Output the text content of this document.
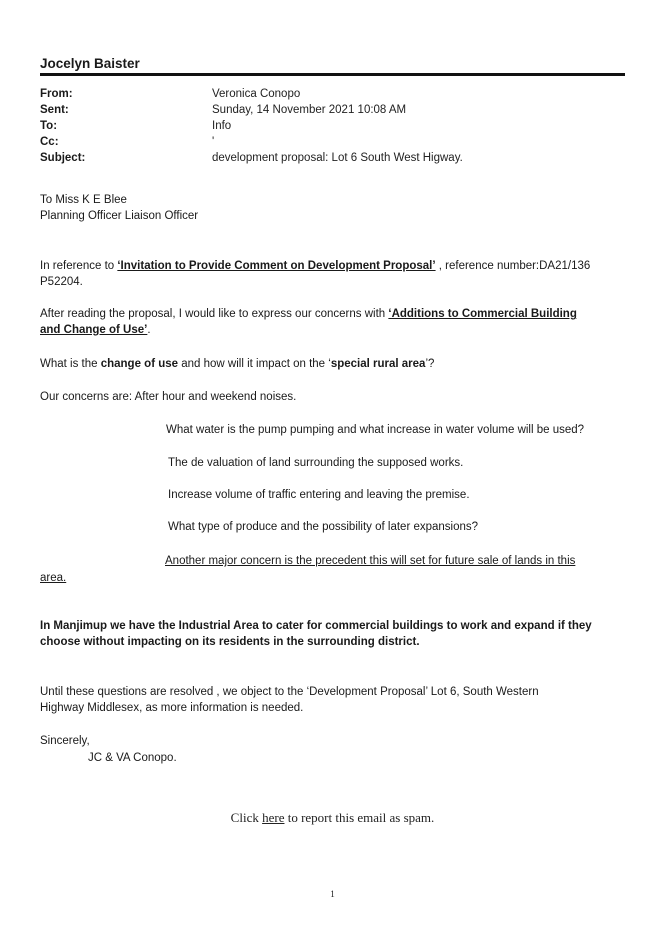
Jocelyn Baister
From:	Veronica Conopo
Sent:	Sunday, 14 November 2021 10:08 AM
To:	Info
Cc:	'
Subject:	development proposal: Lot 6 South West Higway.
To Miss K E Blee
Planning Officer Liaison Officer
In reference to ‘Invitation to Provide Comment on Development Proposal’ , reference number:DA21/136
P52204.
After reading the proposal, I would like to express our concerns with ‘Additions to Commercial Building
and Change of Use’.
What is the change of use and how will it impact on the ‘special rural area’?
Our concerns are: After hour and weekend noises.
What water is the pump pumping and what increase in water volume will be used?
The de valuation of land surrounding the supposed works.
Increase volume of traffic entering and leaving the premise.
What type of produce and the possibility of later expansions?
Another major concern is the precedent this will set for future sale of lands in this
area.
In Manjimup we have the Industrial Area to cater for commercial buildings to work and expand if they
choose without impacting on its residents in the surrounding district.
Until these questions are resolved , we object to the ‘Development Proposal’ Lot 6, South Western
Highway Middlesex, as more information is needed.
Sincerely,
JC & VA Conopo.
Click here to report this email as spam.
1
